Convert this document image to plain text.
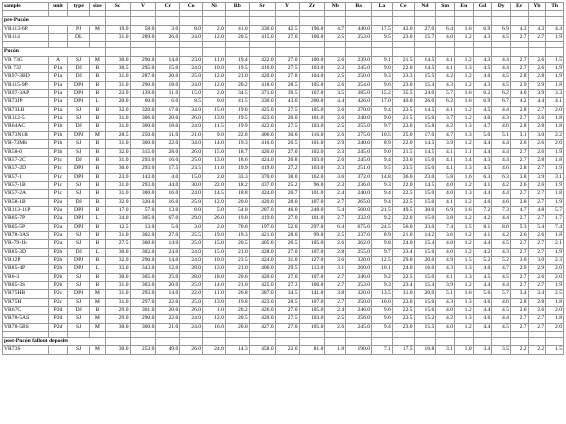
sample	unit	type	size	Sc	V	Cr	Co	Ni	Rb	Sr	Y	Zr	Nb	Ba	La	Ce	Nd	Sm	Eu	Gd	Dy	Er	Yb	Th

pre-Pucón																								
VR113-6P		PJ	M	19.0	58.0	3.0	8.0	2.0	41.0	330.0	42.5	196.0	4.7	440.0	17.5	42.0	27.0	6.4	1.6	6.9	6.9	4.3	4.3	4.4
VR114		DL		31.0	289.0	26.0	24.0	12.0	20.5	415.0	27.0	106.0	2.5	253.0	9.5	23.0	15.7	4.0	1.2	4.3	4.5	2.7	2.7	1.9

Pucón																								
VR 73G	A	SJ	M	30.0	290.0	14.0	23.0	11.0	19.4	422.0	27.0	100.0	2.6	239.0	9.1	21.5	14.5	4.1	1.2	4.3	4.4	2.7	2.6	1.5
VR 73J	P1a	DJ	B	30.5	295.0	15.0	24.0	10.0	19.5	416.0	27.5	103.0	2.3	245.0	9.0	22.0	14.5	4.1	1.3	4.5	4.4	2.7	2.6	1.9
VR97-3BD	P1a	DJ	B	31.0	287.0	20.0	25.0	12.0	21.0	420.0	27.8	104.0	2.5	250.0	9.3	23.3	15.5	4.2	1.2	4.6	4.5	2.8	2.8	1.9
VR115-9P	P1a	DPJ	B	31.0	290.0	18.0	24.0	12.0	20.2	418.0	28.5	105.0	2.6	254.0	9.6	23.0	15.4	4.3	1.2	4.3	4.5	2.9	2.9	1.8
VR97-3AP	P1a	DPJ	B	23.0	139.0	11.0	15.0	2.0	34.5	371.0	39.5	167.0	3.5	385.0	15.2	35.5	24.0	5.7	1.6	6.2	6.2	4.0	3.9	3.3
VR73JP	P1a	DPJ	L	20.0	60.0	6.0	8.5	0.0	41.5	330.0	43.0	200.0	4.4	426.0	17.0	40.0	26.0	6.2	1.6	6.9	6.7	4.2	4.4	4.1
VR73LB	P1a	SJ	B	32.0	320.0	17.0	34.0	15.0	19.6	425.0	27.5	105.0	2.6	270.0	9.4	23.5	14.5	4.1	1.2	4.5	4.4	2.8	2.7	2.0
VR112-5	P1a	SJ	B	31.0	306.0	20.0	26.0	13.0	19.5	423.0	26.0	101.0	2.6	240.0	9.0	21.5	15.0	3.7	1.2	4.0	4.3	2.7	2.6	1.8
VR64AC	P1b	DJ	B	31.0	300.0	18.0	24.0	11.5	19.9	422.0	27.5	103.0	2.5	255.0	9.7	23.0	15.8	4.2	1.3	4.7	4.6	2.8	2.8	1.8
VR73N1R	P1b	DPJ	M	28.5	250.0	11.0	21.0	9.0	22.8	406.0	30.0	116.0	2.6	275.0	10.5	25.0	17.0	4.7	1.3	5.0	5.1	3.1	3.0	2.2
VR-73Mb	P1b	SJ	B	31.0	300.0	22.0	34.0	14.0	19.3	416.0	26.5	101.0	2.9	240.0	8.9	22.0	14.5	3.9	1.2	4.4	4.4	2.6	2.6	2.0
VR58-0	P1b	SJ	B	32.0	315.0	28.0	26.0	15.0	18.7	420.0	27.0	102.0	2.3	245.0	9.0	21.5	14.5	4.1	1.1	4.4	4.4	2.7	2.6	1.9
VR57-2C	P1c	DJ	B	31.0	293.0	16.0	25.0	13.0	18.6	424.0	26.8	103.0	2.6	245.0	9.4	23.0	15.0	4.1	1.4	4.3	4.4	2.7	2.8	1.8
VR57-2D	P1c	DPJ	B	30.0	293.0	17.5	23.5	11.0	19.9	419.0	27.2	103.0	2.3	251.0	9.5	23.5	15.0	4.1	1.3	4.5	4.6	2.8	2.7	1.9
VR57-1	P1c	DPJ	B	23.0	143.0	4.0	15.0	2.0	33.3	370.0	38.0	162.0	3.6	372.0	14.8	36.0	23.0	5.8	1.6	6.3	6.3	3.8	3.9	3.1
VR57-1B	P1c	SJ	B	31.0	293.0	44.0	30.0	22.0	18.2	437.0	25.2	96.0	2.3	236.0	9.3	22.0	14.5	4.0	1.2	4.1	4.2	2.6	2.6	1.9
VR57-2A	P1c	SJ	B	31.0	300.0	16.0	24.0	14.5	18.8	424.0	26.7	101.0	2.4	240.0	9.4	22.5	15.0	4.0	1.3	4.4	4.4	2.7	2.7	1.8
VR58-1B	P2a	DJ	B	32.0	320.0	16.0	25.0	12.0	20.0	420.0	28.0	107.0	2.7	265.0	9.4	22.5	15.0	4.1	1.2	4.6	4.6	2.8	2.7	1.9
VR113-11P	P2a	DPJ	B	17.0	57.0	13.0	8.0	5.0	54.0	287.0	46.0	248.0	5.4	560.0	21.5	49.5	30.0	6.9	1.6	7.2	7.3	4.7	4.8	5.7
VR85-7P	P2a	DPJ	L	34.0	305.0	67.0	29.0	26.0	19.0	419.0	27.0	101.0	2.7	232.0	9.2	22.0	15.0	3.8	1.2	4.2	4.4	2.7	2.7	1.7
VR85-5P	P2a	DPJ	B	12.5	13.0	5.0	3.0	2.0	70.0	197.0	52.0	297.0	6.4	675.0	24.5	56.0	33.0	7.4	1.5	8.1	8.0	5.3	5.4	7.4
VR78-3AS	P2a	SJ	B	31.0	302.0	27.0	25.5	19.0	19.3	421.0	28.0	99.0	2.5	237.0	8.9	21.0	14.2	3.6	1.2	4.1	4.2	2.6	2.6	1.8
VR-79-1b	P2a	SJ	B	27.5	300.0	14.0	25.0	15.0	20.5	405.0	26.5	105.0	2.6	262.0	9.8	24.0	15.4	4.0	1.2	4.4	4.5	2.7	2.7	2.1
VR85-3D	P2b	DJ	L	30.0	302.0	24.0	24.0	15.0	21.0	428.0	27.0	107.0	2.8	255.0	9.7	23.4	15.6	4.0	1.2	4.2	4.3	2.7	2.7	1.9
VR12P	P2b	DPJ	B	32.0	290.0	14.0	24.0	10.0	23.5	424.0	31.0	127.0	3.6	320.0	12.5	29.0	20.0	4.9	1.5	5.2	5.2	3.0	3.0	2.3
VR85-4P	P2b	DPJ	L	33.0	343.0	12.0	28.0	13.0	21.0	406.0	29.5	112.0	3.1	260.0	10.1	24.0	16.0	4.3	1.3	4.6	4.7	2.9	2.9	2.0
VR6-3	P2b	SJ	B	30.0	305.0	25.0	28.0	18.0	20.6	420.0	27.0	107.0	2.7	246.0	9.2	22.5	15.0	4.1	1.3	4.5	4.5	2.7	2.6	2.0
VR85-3S	P2b	SJ	B	31.0	303.0	20.0	25.0	14.0	21.0	425.0	27.3	106.0	2.7	253.0	9.3	23.4	15.4	3.9	1.2	4.4	4.4	2.7	2.7	1.9
VR75HB	P2c	DPJ	M	31.0	293.0	14.0	22.0	11.0	26.8	387.0	34.5	141.0	3.8	320.0	13.5	31.0	20.0	5.1	1.6	5.6	5.7	3.4	3.4	2.5
VR75H	P2c	SJ	M	31.0	297.0	22.0	25.0	13.0	19.8	423.0	28.5	107.0	2.7	250.0	10.0	23.0	15.0	4.3	1.3	4.6	4.6	2.8	2.8	1.8
VR67C	P2d	DJ	B	29.0	301.0	20.0	26.0	1.0	20.2	426.0	27.0	105.0	2.4	246.0	9.6	22.5	15.6	4.0	1.2	4.4	4.5	2.6	2.6	2.0
VR78-5AS	P2d	SJ	M	29.0	290.0	22.0	24.0	12.0	20.5	420.0	27.5	103.0	2.5	256.0	9.6	23.5	15.2	4.2	1.3	4.6	4.4	2.7	2.7	1.8
VR78-5BS	P2d	SJ	M	30.0	300.0	21.0	24.0	16.0	20.0	427.0	27.0	105.0	2.6	245.0	9.4	23.0	15.5	4.0	1.2	4.4	4.5	2.7	2.7	2.0

post-Pucón fallout deposits																								
VR73S		SJ	M	30.0	253.0	49.0	26.0	24.0	14.3	458.0	22.0	81.0	1.8	190.0	7.1	17.5	10.8	3.1	1.0	3.4	3.5	2.2	2.2	1.5
